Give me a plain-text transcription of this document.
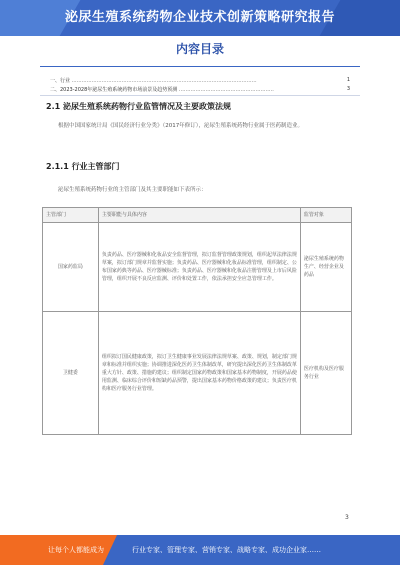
泌尿生殖系统药物企业技术创新策略研究报告
内容目录
一、行业 …………………………………………………………………………………………………	1
二、2023-2028年泌尿生殖系统药物市场前景及趋势预测 …………………………………………………	3
2.1 泌尿生殖系统药物行业监管情况及主要政策法规
根据中国国家统计局《国民经济行业分类》（2017年修订），泌尿生殖系统药物行业属于医药制造业。
2.1.1 行业主管部门
泌尿生殖系统药物行业的主管部门及其主要职能如下表所示：
主管部门	主要职能与具体内容	监管对象
国家药监局	负责药品、医疗器械和化妆品安全监督管理，拟订监督管理政策规划，组织起草法律法规草案，拟订部门规章并监督实施；负责药品、医疗器械和化妆品标准管理，组织制定、公布国家药典等药品、医疗器械标准；负责药品、医疗器械和化妆品注册管理及上市后风险管理，组织开展不良反应监测、评价和处置工作，依法承担安全应急管理工作。	泌尿生殖系统药物生产、经营企业及药品
卫健委	组织拟订国民健康政策，拟订卫生健康事业发展法律法规草案、政策、规划，制定部门规章和标准并组织实施；协调推进深化医药卫生体制改革，研究提出深化医药卫生体制改革重大方针、政策、措施的建议；组织制定国家药物政策和国家基本药物制度，开展药品使用监测、临床综合评价和短缺药品预警，提出国家基本药物价格政策的建议；负责医疗机构和医疗服务行业管理。	医疗机构及医疗服务行业
3
让每个人都能成为	行业专家、管理专家、营销专家、战略专家、成功企业家……
